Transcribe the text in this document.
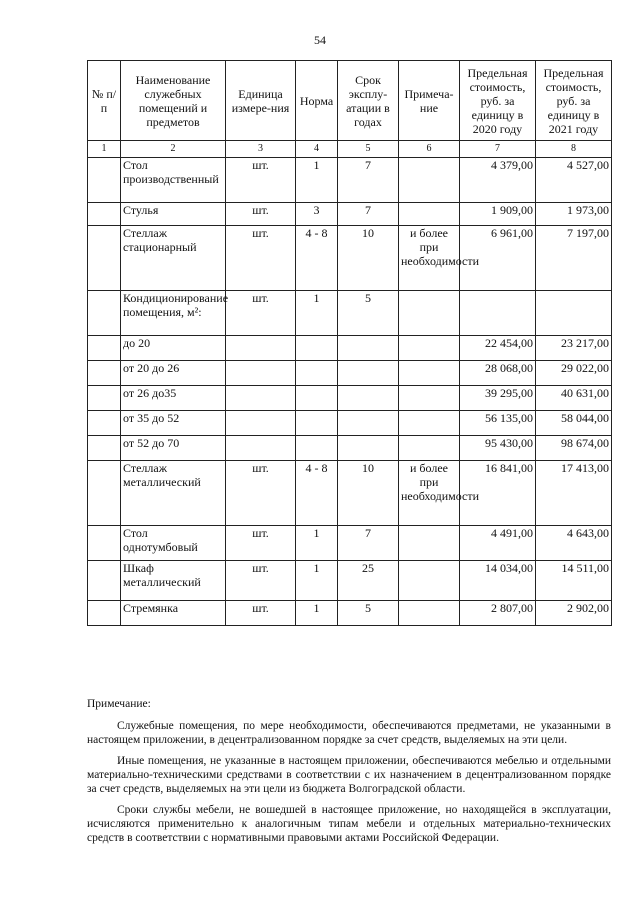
54
№ п/п	Наименование служебных помещений и предметов	Единица измере-ния	Норма	Срок эксплу-атации в годах	Примеча-ние	Предельная стоимость, руб. за единицу в 2020 году	Предельная стоимость, руб. за единицу в 2021 году
1	2	3	4	5	6	7	8
	Стол производственный	шт.	1	7		4 379,00	4 527,00
	Стулья	шт.	3	7		1 909,00	1 973,00
	Стеллаж стационарный	шт.	4 - 8	10	и более при необходимости	6 961,00	7 197,00
	Кондиционирование помещения, м²:	шт.	1	5			
	до 20					22 454,00	23 217,00
	от 20 до 26					28 068,00	29 022,00
	от 26 до35					39 295,00	40 631,00
	от 35 до 52					56 135,00	58 044,00
	от 52 до 70					95 430,00	98 674,00
	Стеллаж металлический	шт.	4 - 8	10	и более при необходимости	16 841,00	17 413,00
	Стол однотумбовый	шт.	1	7		4 491,00	4 643,00
	Шкаф металлический	шт.	1	25		14 034,00	14 511,00
	Стремянка	шт.	1	5		2 807,00	2 902,00
Примечание:

Служебные помещения, по мере необходимости, обеспечиваются предметами, не указанными в настоящем приложении, в децентрализованном порядке за счет средств, выделяемых на эти цели.

Иные помещения, не указанные в настоящем приложении, обеспечиваются мебелью и отдельными материально-техническими средствами в соответствии с их назначением в децентрализованном порядке за счет средств, выделяемых на эти цели из бюджета Волгоградской области.

Сроки службы мебели, не вошедшей в настоящее приложение, но находящейся в эксплуатации, исчисляются применительно к аналогичным типам мебели и отдельных материально-технических средств в соответствии с нормативными правовыми актами Российской Федерации.
